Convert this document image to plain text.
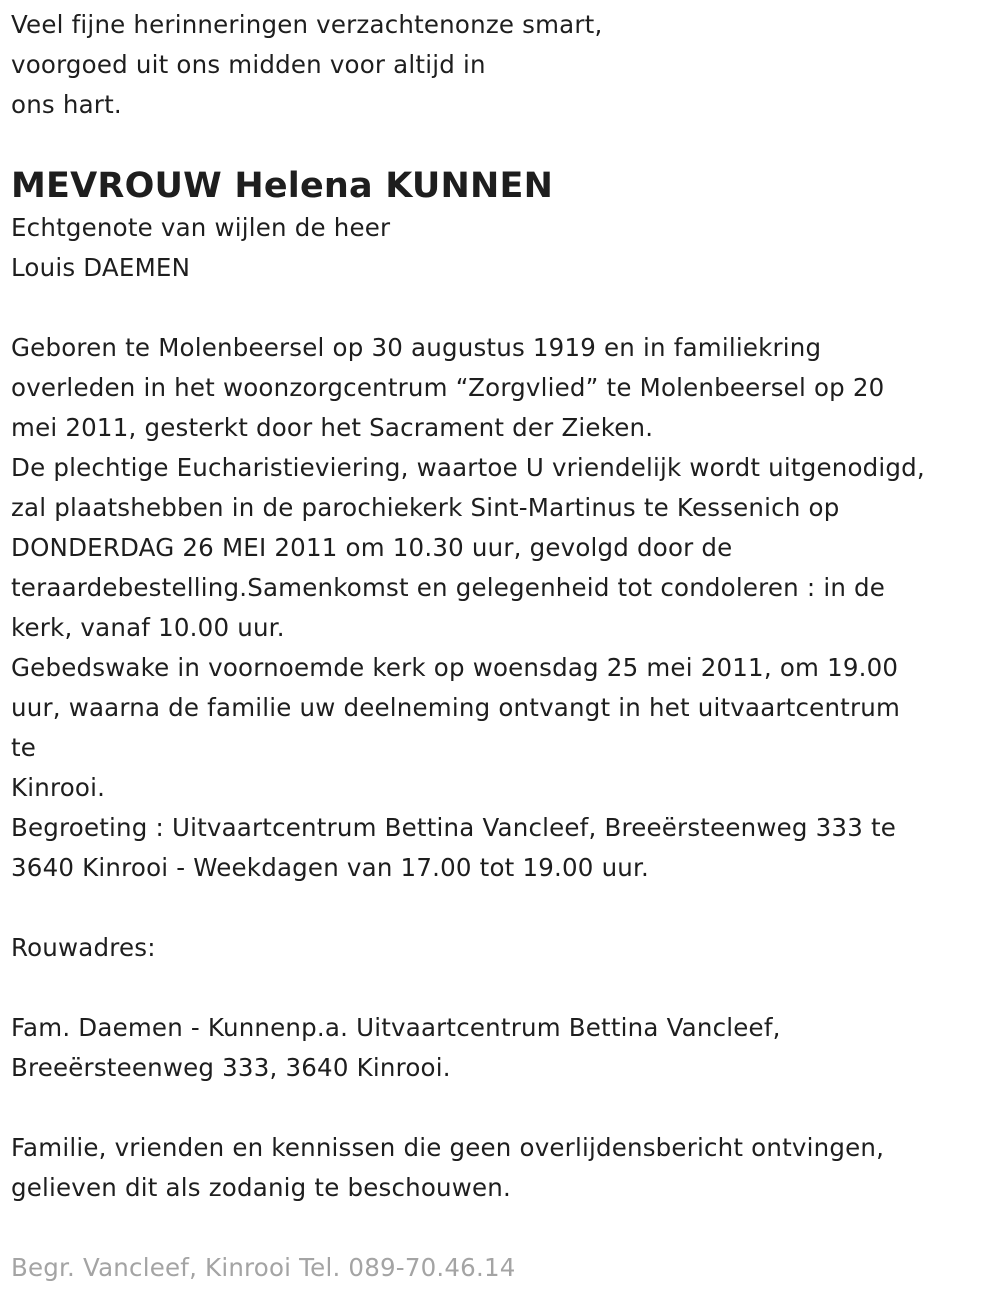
Veel fijne herinneringen verzachtenonze smart,
voorgoed uit ons midden voor altijd in
ons hart.
MEVROUW Helena KUNNEN
Echtgenote van wijlen de heer
Louis DAEMEN
Geboren te Molenbeersel op 30 augustus 1919 en in familiekring
overleden in het woonzorgcentrum “Zorgvlied” te Molenbeersel op 20
mei 2011, gesterkt door het Sacrament der Zieken.
De plechtige Eucharistieviering, waartoe U vriendelijk wordt uitgenodigd,
zal plaatshebben in de parochiekerk Sint-Martinus te Kessenich op
DONDERDAG 26 MEI 2011 om 10.30 uur, gevolgd door de
teraardebestelling.Samenkomst en gelegenheid tot condoleren : in de
kerk, vanaf 10.00 uur.
Gebedswake in voornoemde kerk op woensdag 25 mei 2011, om 19.00
uur, waarna de familie uw deelneming ontvangt in het uitvaartcentrum
te
Kinrooi.
Begroeting : Uitvaartcentrum Bettina Vancleef, Breeërsteenweg 333 te
3640 Kinrooi - Weekdagen van 17.00 tot 19.00 uur.
Rouwadres:
Fam. Daemen - Kunnenp.a. Uitvaartcentrum Bettina Vancleef,
Breeërsteenweg 333, 3640 Kinrooi.
Familie, vrienden en kennissen die geen overlijdensbericht ontvingen,
gelieven dit als zodanig te beschouwen.
Begr. Vancleef, Kinrooi Tel. 089-70.46.14
